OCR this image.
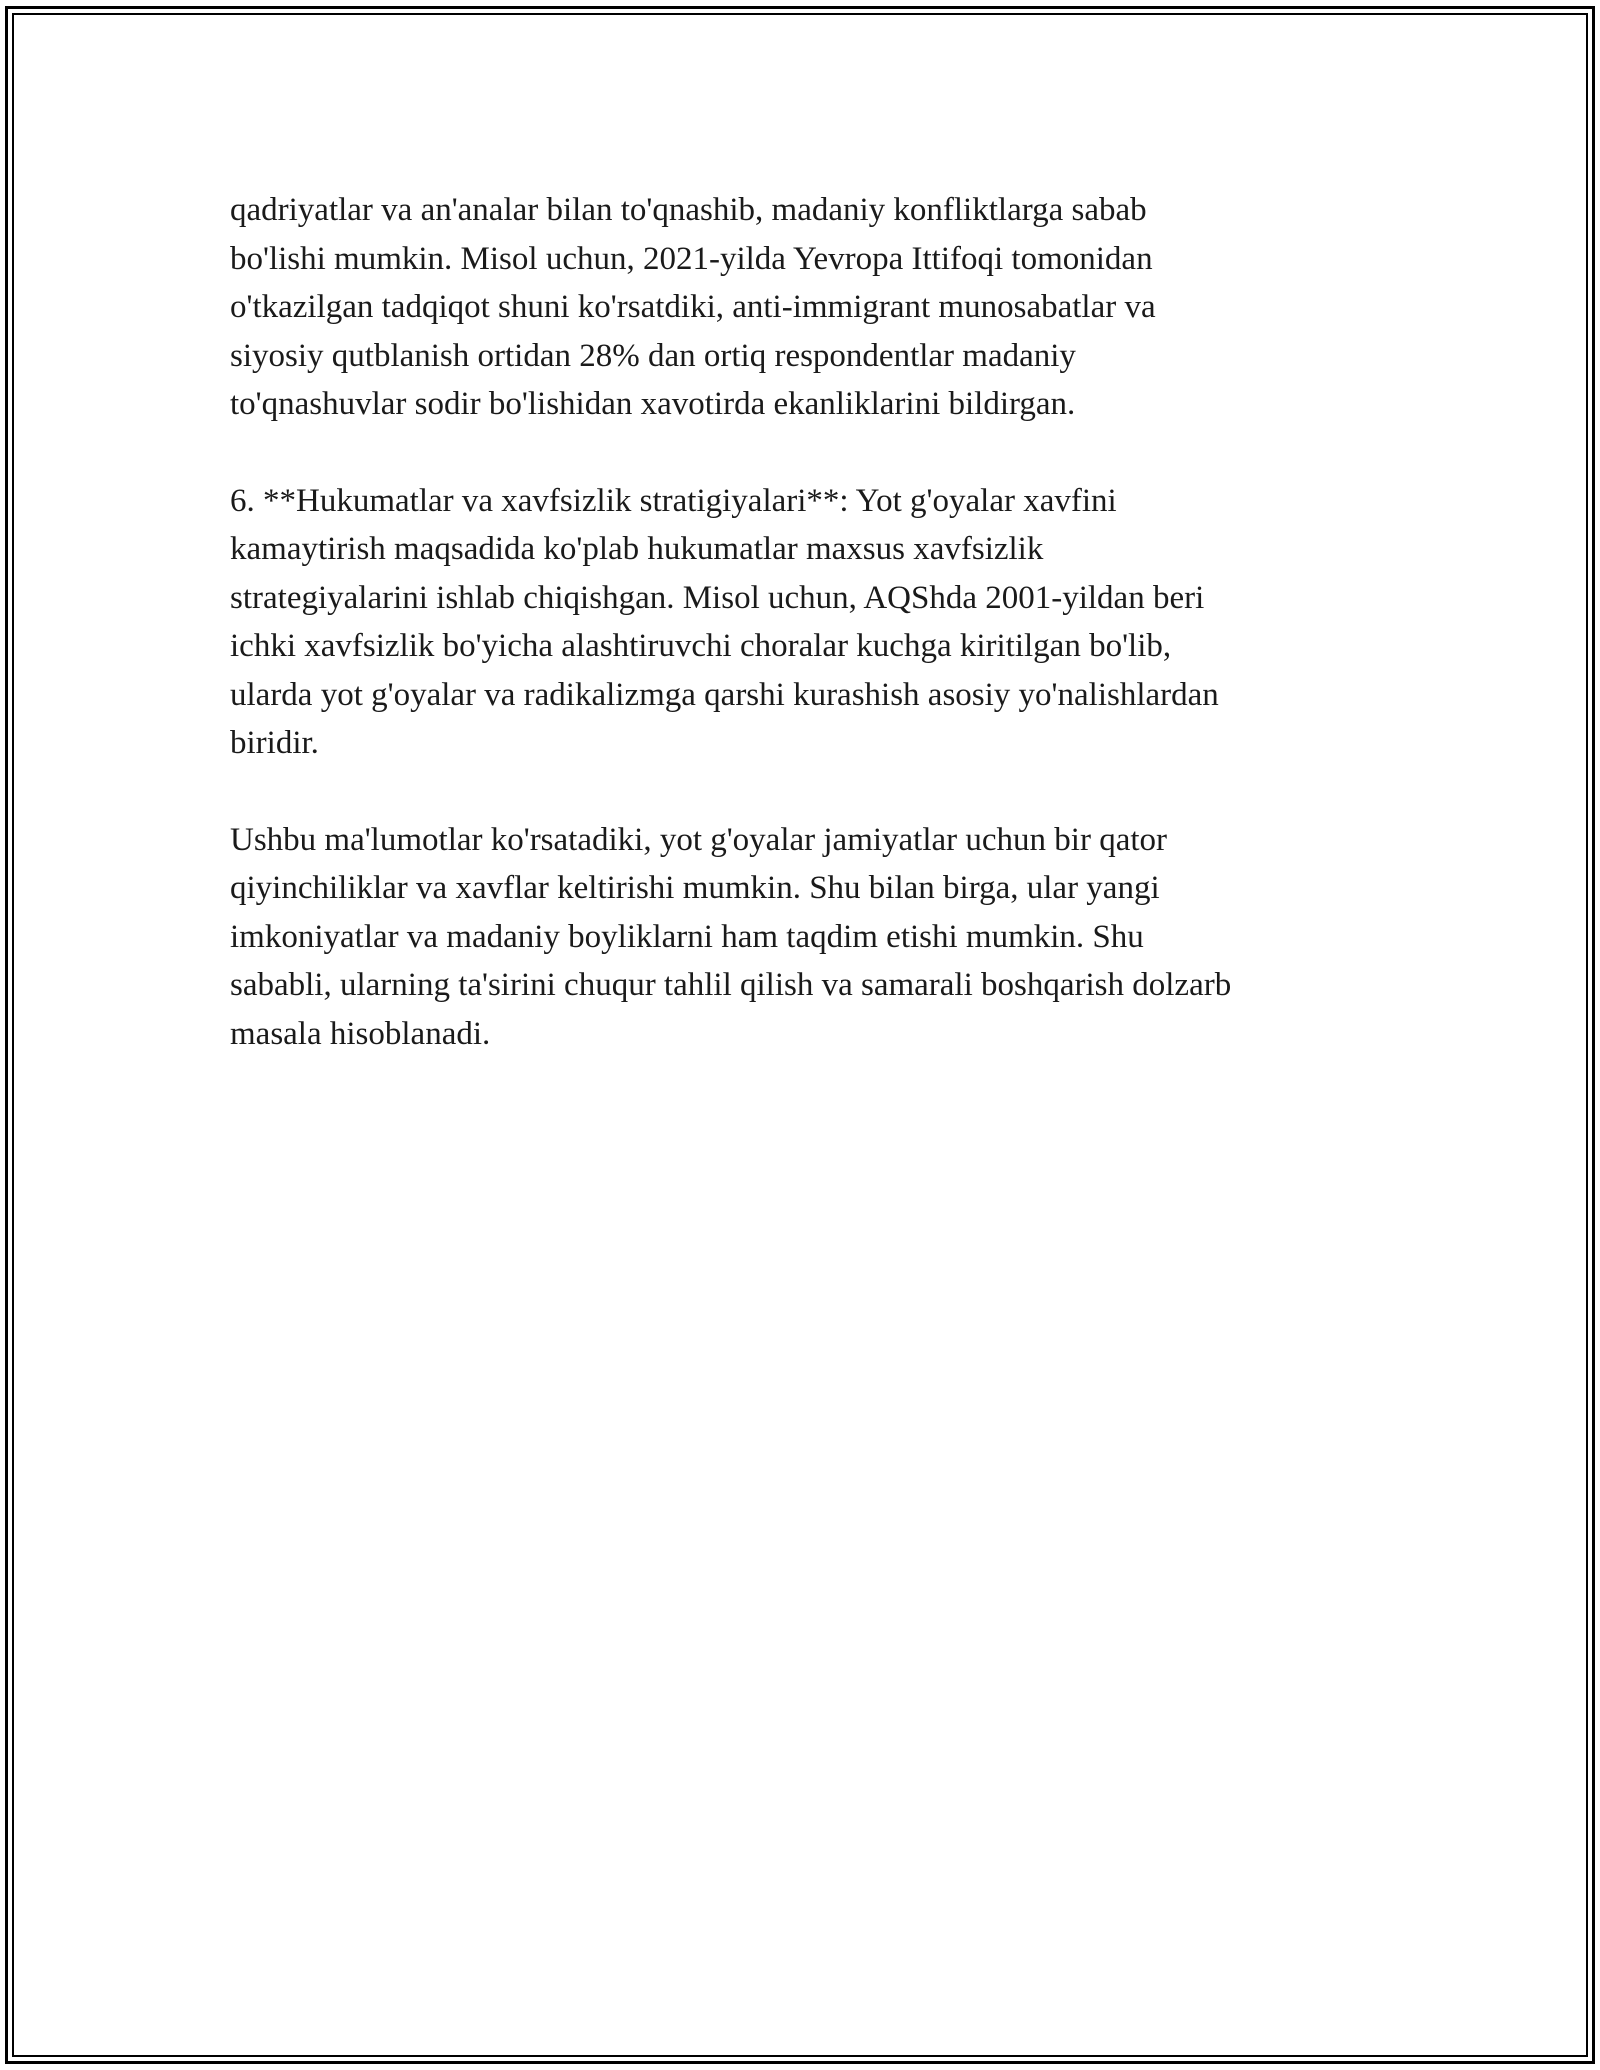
qadriyatlar va an'analar bilan to'qnashib, madaniy konfliktlarga sabab
bo'lishi mumkin. Misol uchun, 2021-yilda Yevropa Ittifoqi tomonidan
o'tkazilgan tadqiqot shuni ko'rsatdiki, anti-immigrant munosabatlar va
siyosiy qutblanish ortidan 28% dan ortiq respondentlar madaniy
to'qnashuvlar sodir bo'lishidan xavotirda ekanliklarini bildirgan.

6. **Hukumatlar va xavfsizlik stratigiyalari**: Yot g'oyalar xavfini
kamaytirish maqsadida ko'plab hukumatlar maxsus xavfsizlik
strategiyalarini ishlab chiqishgan. Misol uchun, AQShda 2001-yildan beri
ichki xavfsizlik bo'yicha alashtiruvchi choralar kuchga kiritilgan bo'lib,
ularda yot g'oyalar va radikalizmga qarshi kurashish asosiy yo'nalishlardan
biridir.

Ushbu ma'lumotlar ko'rsatadiki, yot g'oyalar jamiyatlar uchun bir qator
qiyinchiliklar va xavflar keltirishi mumkin. Shu bilan birga, ular yangi
imkoniyatlar va madaniy boyliklarni ham taqdim etishi mumkin. Shu
sababli, ularning ta'sirini chuqur tahlil qilish va samarali boshqarish dolzarb
masala hisoblanadi.
